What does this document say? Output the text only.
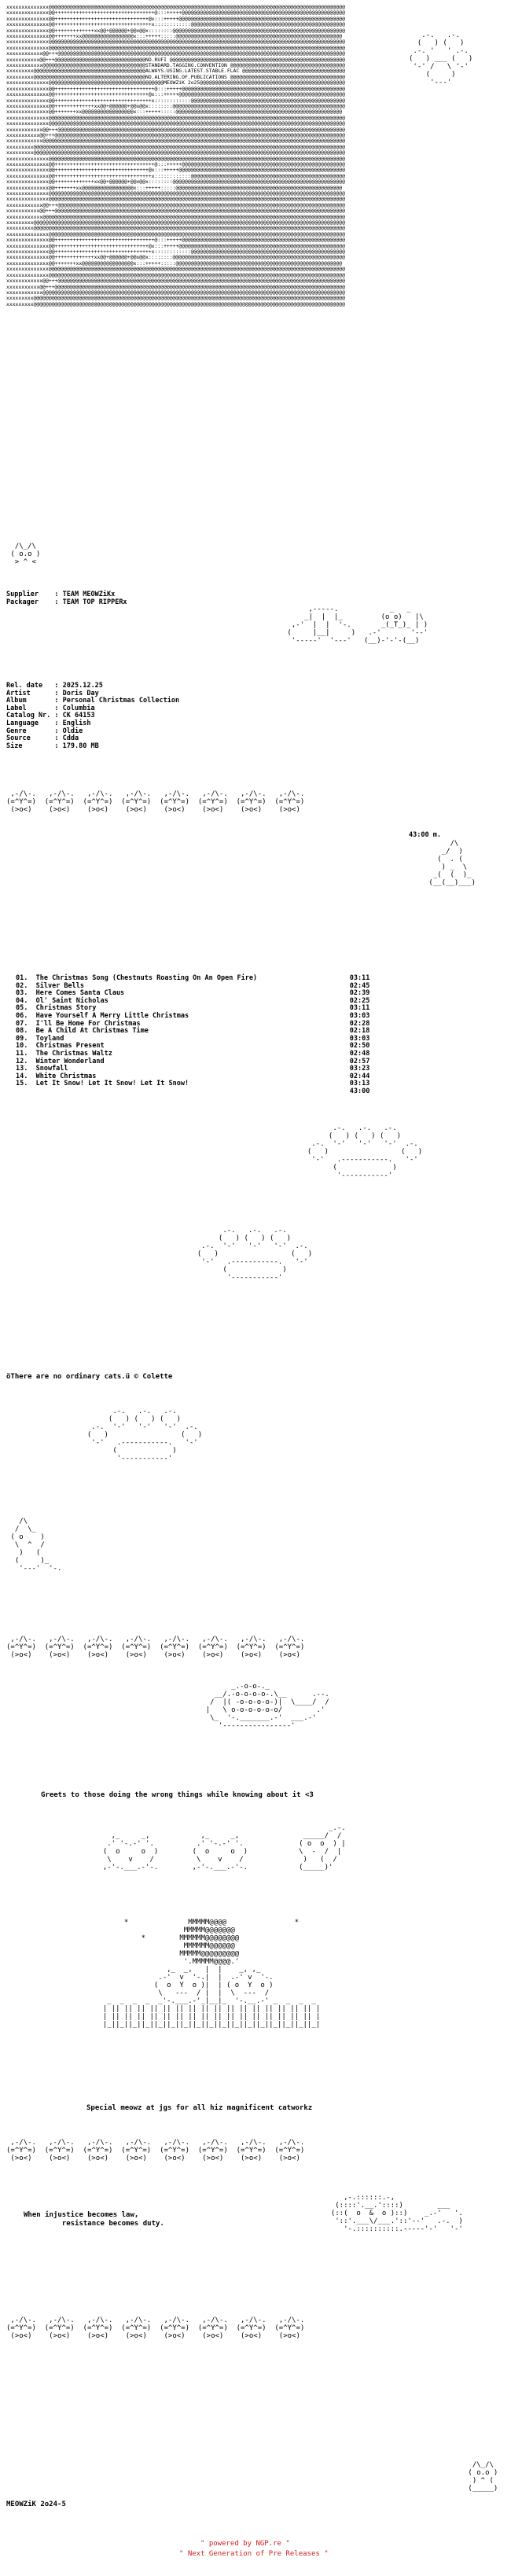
xxxxxxxxxxxxxx@@@@@@@@@@@@@@@@@@@@@@@@@@@@@@@@@@@@@@@@@@@@@@@@@@@@@@@@@@@@@@@@@@@@@@@@@@@@@@@@@@@@@@@@@@@@@@@@@@
xxxxxxxxxxxxxx@@+++++++++++++++++++++++++++++++++@:::+++++@@@@@@@@@@@@@@@@@@@@@@@@@@@@@@@@@@@@@@@@@@@@@@@@@@@@@@
xxxxxxxxxxxxxx@@+++++++++++++++++++++++++++++++@x:::+++++@@@@@@@@@@@@@@@@@@@@@@@@@@@@@@@@@@@@@@@@@@@@@@@@@@@@@@@
xxxxxxxxxxxxxx@@++++++++++++++++++++++++++++++++x::::::::::::@@@@@@@@@@@@@@@@@@@@@@@@@@@@@@@@@@@@@@@@@@@@@@@@@@@
xxxxxxxxxxxxxx@@+++++++++++++xx@@+@@@@@@+@@x@@x::::::::@@@@@@@@@@@@@@@@@@@@@@@@@@@@@@@@@@@@@@@@@@@@@@@@@@@@@@@@@
xxxxxxxxxxxxxx@@+++++++xx@@@@@@@@@@@@@@@@@x:::+++++:::::@@@@@@@@@@@@@@@@@@@@@@@@@@@@@@@@@@@@@@@@@@@@@@@@@@@@@@@
xxxxxxxxxxxxxx@@@@@@@@@@@@@@@@@@@@@@@@@@@@@@@@@@@@@@@@@@@@@@@@@@@@@@@@@@@@@@@@@@@@@@@@@@@@@@@@@@@@@@@@@@@@@@@@@@
xxxxxxxxxxxxxx@@@@@@@@@@@@@@@@@@@@@@@@@@@@@@@@@@@@@@@@@@@@@@@@@@@@@@@@@@@@@@@@@@@@@@@@@@@@@@@@@@@@@@@@@@@@@@@@@@
xxxxxxxxxxxx@@+++@@@@@@@@@@@@@@@@@@@@@@@@@@@@@@@@@@@@@@@@@@@@@@@@@@@@@@@@@@@@@@@@@@@@@@@@@@@@@@@@@@@@@@@@@@@@@@@
xxxxxxxxxxx@@+++@@@@@@@@@@@@@@@@@@@@@@@@@@@@@@NO.RUFI @@@@@@@@@@@@@@@@@@@@@@@@@@@@@@@@@@@@@@@@@@@@@@@@@@@@@@@@@@
xxxxxxxxxxxx@@@@@@@@@@@@@@@@@@@@@@@@@@@@@@@@@@STANDARD.TAGGING.CONVENTION @@@@@@@@@@@@@@@@@@@@@@@@@@@@@@@@@@@@@@
xxxxxxxxx@@@@@@@@@@@@@@@@@@@@@@@@@@@@@@@@@@@@@ALWAYS.USING.LATEST.STABLE.FLAC @@@@@@@@@@@@@@@@@@@@@@@@@@@@@@@@@@
xxxxxxxxx@@@@@@@@@@@@@@@@@@@@@@@@@@@@@@@@@@@@@NO.ALTERING.OF.PUBLICATIONS @@@@@@@@@@@@@@@@@@@@@@@@@@@@@@@@@@@@@@
xxxxxxxxxxxxxx@@@@@@@@@@@@@@@@@@@@@@@@@@@@@@@@@@@@@@MEOWZiK 2o25@@@@@@@@@@@@@@@@@@@@@@@@@@@@@@@@@@@@@@@@@@@@@@@@
xxxxxxxxxxxxxx@@+++++++++++++++++++++++++++++++++@:::+++++@@@@@@@@@@@@@@@@@@@@@@@@@@@@@@@@@@@@@@@@@@@@@@@@@@@@@@
xxxxxxxxxxxxxx@@+++++++++++++++++++++++++++++++@x:::+++++@@@@@@@@@@@@@@@@@@@@@@@@@@@@@@@@@@@@@@@@@@@@@@@@@@@@@@@
xxxxxxxxxxxxxx@@++++++++++++++++++++++++++++++++x::::::::::::@@@@@@@@@@@@@@@@@@@@@@@@@@@@@@@@@@@@@@@@@@@@@@@@@@@
xxxxxxxxxxxxxx@@+++++++++++++xx@@+@@@@@@+@@x@@x::::::::@@@@@@@@@@@@@@@@@@@@@@@@@@@@@@@@@@@@@@@@@@@@@@@@@@@@@@@@@
xxxxxxxxxxxxxx@@+++++++xx@@@@@@@@@@@@@@@@@x:::+++++:::::@@@@@@@@@@@@@@@@@@@@@@@@@@@@@@@@@@@@@@@@@@@@@@@@@@@@@@@
xxxxxxxxxxxxxx@@@@@@@@@@@@@@@@@@@@@@@@@@@@@@@@@@@@@@@@@@@@@@@@@@@@@@@@@@@@@@@@@@@@@@@@@@@@@@@@@@@@@@@@@@@@@@@@@@
xxxxxxxxxxxxxx@@@@@@@@@@@@@@@@@@@@@@@@@@@@@@@@@@@@@@@@@@@@@@@@@@@@@@@@@@@@@@@@@@@@@@@@@@@@@@@@@@@@@@@@@@@@@@@@@@
xxxxxxxxxxxx@@+++@@@@@@@@@@@@@@@@@@@@@@@@@@@@@@@@@@@@@@@@@@@@@@@@@@@@@@@@@@@@@@@@@@@@@@@@@@@@@@@@@@@@@@@@@@@@@@@
xxxxxxxxxxx@@+++@@@@@@@@@@@@@@@@@@@@@@@@@@@@@@@@@@@@@@@@@@@@@@@@@@@@@@@@@@@@@@@@@@@@@@@@@@@@@@@@@@@@@@@@@@@@@@@@
xxxxxxxxxxxx@@@@@@@@@@@@@@@@@@@@@@@@@@@@@@@@@@@@@@@@@@@@@@@@@@@@@@@@@@@@@@@@@@@@@@@@@@@@@@@@@@@@@@@@@@@@@@@@@@@@
xxxxxxxxx@@@@@@@@@@@@@@@@@@@@@@@@@@@@@@@@@@@@@@@@@@@@@@@@@@@@@@@@@@@@@@@@@@@@@@@@@@@@@@@@@@@@@@@@@@@@@@@@@@@@@@@
xxxxxxxxx@@@@@@@@@@@@@@@@@@@@@@@@@@@@@@@@@@@@@@@@@@@@@@@@@@@@@@@@@@@@@@@@@@@@@@@@@@@@@@@@@@@@@@@@@@@@@@@@@@@@@@@
xxxxxxxxxxxxxx@@@@@@@@@@@@@@@@@@@@@@@@@@@@@@@@@@@@@@@@@@@@@@@@@@@@@@@@@@@@@@@@@@@@@@@@@@@@@@@@@@@@@@@@@@@@@@@@@@
xxxxxxxxxxxxxx@@+++++++++++++++++++++++++++++++++@:::+++++@@@@@@@@@@@@@@@@@@@@@@@@@@@@@@@@@@@@@@@@@@@@@@@@@@@@@@
xxxxxxxxxxxxxx@@+++++++++++++++++++++++++++++++@x:::+++++@@@@@@@@@@@@@@@@@@@@@@@@@@@@@@@@@@@@@@@@@@@@@@@@@@@@@@@
xxxxxxxxxxxxxx@@++++++++++++++++++++++++++++++++x::::::::::::@@@@@@@@@@@@@@@@@@@@@@@@@@@@@@@@@@@@@@@@@@@@@@@@@@@
xxxxxxxxxxxxxx@@+++++++++++++xx@@+@@@@@@+@@x@@x::::::::@@@@@@@@@@@@@@@@@@@@@@@@@@@@@@@@@@@@@@@@@@@@@@@@@@@@@@@@@
xxxxxxxxxxxxxx@@+++++++xx@@@@@@@@@@@@@@@@@x:::+++++:::::@@@@@@@@@@@@@@@@@@@@@@@@@@@@@@@@@@@@@@@@@@@@@@@@@@@@@@@
xxxxxxxxxxxxxx@@@@@@@@@@@@@@@@@@@@@@@@@@@@@@@@@@@@@@@@@@@@@@@@@@@@@@@@@@@@@@@@@@@@@@@@@@@@@@@@@@@@@@@@@@@@@@@@@@
xxxxxxxxxxxxxx@@@@@@@@@@@@@@@@@@@@@@@@@@@@@@@@@@@@@@@@@@@@@@@@@@@@@@@@@@@@@@@@@@@@@@@@@@@@@@@@@@@@@@@@@@@@@@@@@@
xxxxxxxxxxxx@@+++@@@@@@@@@@@@@@@@@@@@@@@@@@@@@@@@@@@@@@@@@@@@@@@@@@@@@@@@@@@@@@@@@@@@@@@@@@@@@@@@@@@@@@@@@@@@@@@
xxxxxxxxxxx@@+++@@@@@@@@@@@@@@@@@@@@@@@@@@@@@@@@@@@@@@@@@@@@@@@@@@@@@@@@@@@@@@@@@@@@@@@@@@@@@@@@@@@@@@@@@@@@@@@@
xxxxxxxxxxxx@@@@@@@@@@@@@@@@@@@@@@@@@@@@@@@@@@@@@@@@@@@@@@@@@@@@@@@@@@@@@@@@@@@@@@@@@@@@@@@@@@@@@@@@@@@@@@@@@@@@
xxxxxxxxx@@@@@@@@@@@@@@@@@@@@@@@@@@@@@@@@@@@@@@@@@@@@@@@@@@@@@@@@@@@@@@@@@@@@@@@@@@@@@@@@@@@@@@@@@@@@@@@@@@@@@@@
xxxxxxxxx@@@@@@@@@@@@@@@@@@@@@@@@@@@@@@@@@@@@@@@@@@@@@@@@@@@@@@@@@@@@@@@@@@@@@@@@@@@@@@@@@@@@@@@@@@@@@@@@@@@@@@@
xxxxxxxxxxxxxx@@@@@@@@@@@@@@@@@@@@@@@@@@@@@@@@@@@@@@@@@@@@@@@@@@@@@@@@@@@@@@@@@@@@@@@@@@@@@@@@@@@@@@@@@@@@@@@@@@
xxxxxxxxxxxxxx@@+++++++++++++++++++++++++++++++++@:::+++++@@@@@@@@@@@@@@@@@@@@@@@@@@@@@@@@@@@@@@@@@@@@@@@@@@@@@@
xxxxxxxxxxxxxx@@+++++++++++++++++++++++++++++++@x:::+++++@@@@@@@@@@@@@@@@@@@@@@@@@@@@@@@@@@@@@@@@@@@@@@@@@@@@@@@
xxxxxxxxxxxxxx@@++++++++++++++++++++++++++++++++x::::::::::::@@@@@@@@@@@@@@@@@@@@@@@@@@@@@@@@@@@@@@@@@@@@@@@@@@@
xxxxxxxxxxxxxx@@+++++++++++++xx@@+@@@@@@+@@x@@x::::::::@@@@@@@@@@@@@@@@@@@@@@@@@@@@@@@@@@@@@@@@@@@@@@@@@@@@@@@@@
xxxxxxxxxxxxxx@@+++++++xx@@@@@@@@@@@@@@@@@x:::+++++:::::@@@@@@@@@@@@@@@@@@@@@@@@@@@@@@@@@@@@@@@@@@@@@@@@@@@@@@@
xxxxxxxxxxxxxx@@@@@@@@@@@@@@@@@@@@@@@@@@@@@@@@@@@@@@@@@@@@@@@@@@@@@@@@@@@@@@@@@@@@@@@@@@@@@@@@@@@@@@@@@@@@@@@@@@
xxxxxxxxxxxxxx@@@@@@@@@@@@@@@@@@@@@@@@@@@@@@@@@@@@@@@@@@@@@@@@@@@@@@@@@@@@@@@@@@@@@@@@@@@@@@@@@@@@@@@@@@@@@@@@@@
xxxxxxxxxxxx@@+++@@@@@@@@@@@@@@@@@@@@@@@@@@@@@@@@@@@@@@@@@@@@@@@@@@@@@@@@@@@@@@@@@@@@@@@@@@@@@@@@@@@@@@@@@@@@@@@
xxxxxxxxxxx@@+++@@@@@@@@@@@@@@@@@@@@@@@@@@@@@@@@@@@@@@@@@@@@@@@@@@@@@@@@@@@@@@@@@@@@@@@@@@@@@@@@@@@@@@@@@@@@@@@@
xxxxxxxxxxxx@@@@@@@@@@@@@@@@@@@@@@@@@@@@@@@@@@@@@@@@@@@@@@@@@@@@@@@@@@@@@@@@@@@@@@@@@@@@@@@@@@@@@@@@@@@@@@@@@@@@
xxxxxxxxx@@@@@@@@@@@@@@@@@@@@@@@@@@@@@@@@@@@@@@@@@@@@@@@@@@@@@@@@@@@@@@@@@@@@@@@@@@@@@@@@@@@@@@@@@@@@@@@@@@@@@@@
xxxxxxxxx@@@@@@@@@@@@@@@@@@@@@@@@@@@@@@@@@@@@@@@@@@@@@@@@@@@@@@@@@@@@@@@@@@@@@@@@@@@@@@@@@@@@@@@@@@@@@@@@@@@@@@@

.-.   .-.
(   ) (   )
.-. '   ' .-.
(   ) ___ (   )
'-' /   \ '-'
(     )
'---'

/\_/\
( o.o )
> ^ <

Supplier    : TEAM MEOWZiKx
Packager    : TEAM TOP RIPPERx
,-----.            _   _
_|  |  |_         (o o)   |\
,-'  |  |  '-.       _(_T_)_ | )
(     |__|     )   .-'       '--'
'-----'  '---'   (__)-'-'-(__)

Rel. date   : 2025.12.25
Artist      : Doris Day
Album       : Personal Christmas Collection
Label       : Columbia
Catalog Nr. : CK 64153
Language    : English
Genre       : Oldie
Source      : Cdda
Size        : 179.80 MB

,-/\-.   ,-/\-.   ,-/\-.   ,-/\-.   ,-/\-.   ,-/\-.   ,-/\-.   ,-/\-.
(=^Y^=)  (=^Y^=)  (=^Y^=)  (=^Y^=)  (=^Y^=)  (=^Y^=)  (=^Y^=)  (=^Y^=)
(>o<)    (>o<)    (>o<)    (>o<)    (>o<)    (>o<)    (>o<)    (>o<)

43:00 m.
/\
_/  )
(  . (
) _  \
_(  (  )_
(__(__)___)

01.  The Christmas Song (Chestnuts Roasting On An Open Fire)                       03:11
02.  Silver Bells                                                                  02:45
03.  Here Comes Santa Claus                                                        02:39
04.  Ol' Saint Nicholas                                                            02:25
05.  Christmas Story                                                               03:11
06.  Have Yourself A Merry Little Christmas                                        03:03
07.  I'll Be Home For Christmas                                                    02:28
08.  Be A Child At Christmas Time                                                  02:18
09.  Toyland                                                                       03:03
10.  Christmas Present                                                             02:50
11.  The Christmas Waltz                                                           02:48
12.  Winter Wonderland                                                             02:57
13.  Snowfall                                                                      03:23
14.  White Christmas                                                               02:44
15.  Let It Snow! Let It Snow! Let It Snow!                                        03:13
43:00
.-.   .-.   .-.
(   ) (   ) (   )
.-.  '-'   '-'   '-'  .-.
(   )                 (   )
'-'   .-----------.   '-'
(             )
'-----------'

.-.   .-.   .-.
(   ) (   ) (   )
.-.  '-'   '-'   '-'  .-.
(   )                 (   )
'-'   .-----------.   '-'
(             )
'-----------'

öThere are no ordinary cats.ü © Colette
.-.   .-.   .-.
(   ) (   ) (   )
.-.  '-'   '-'   '-'  .-.
(   )                 (   )
'-'   .-----------.   '-'
(             )
'-----------'

/\
/  \_
( o    )
\  ^  /
)   (
(     )_
'---'  '-.

,-/\-.   ,-/\-.   ,-/\-.   ,-/\-.   ,-/\-.   ,-/\-.   ,-/\-.   ,-/\-.
(=^Y^=)  (=^Y^=)  (=^Y^=)  (=^Y^=)  (=^Y^=)  (=^Y^=)  (=^Y^=)  (=^Y^=)
(>o<)    (>o<)    (>o<)    (>o<)    (>o<)    (>o<)    (>o<)    (>o<)

_.-o-o-._
__/.-o-o-o-o-.\__      .--.
/  |( -o-o-o-o-)|  \____/  /
|   \ o-o-o-o-o-o/        .'
\_  '-._______.-'  ___.-'
'----------------'

Greets to those doing the wrong things while knowing about it <3
_.-.
,_     _,            ,_     _,               _____/  /
.' '-.-' '.          .' '-.-' '.             ( o  o  ) |
(  o     o  )        (  o     o  )            \  -  /  |
\    v    /          \    v    /              )   (  /
,-'-.___.-'-.        ,-'-.___.-'-.            (_____)'

*              MMMMM@@@@                *
MMMMM@@@@@@@
*        MMMMMM@@@@@@@@
MMMMMM@@@@@@
MMMMM@@@@@@@@@
'.MMMMM@@@@.'
,_  _,   |  |    _, ,_
.-'  v  '-.|  |  .-' v  '-.
(  o  Y  o )|  | ( o  Y  o )
\   ---  / |  |  \  ---  /
_  _  _  _  _'-.___.-'_|__|_  '-.__.-' _  _  _  _
| || || || || || || || || || || || || || || || || |
| || || || || || || || || || || || || || || || || |
|_||_||_||_||_||_||_||_||_||_||_||_||_||_||_||_||_|

Special meowz at jgs for all hiz magnificent catworkz
,-/\-.   ,-/\-.   ,-/\-.   ,-/\-.   ,-/\-.   ,-/\-.   ,-/\-.   ,-/\-.
(=^Y^=)  (=^Y^=)  (=^Y^=)  (=^Y^=)  (=^Y^=)  (=^Y^=)  (=^Y^=)  (=^Y^=)
(>o<)    (>o<)    (>o<)    (>o<)    (>o<)    (>o<)    (>o<)    (>o<)

When injustice becomes law,
resistance becomes duty.
,-.::::::.-,
(::::'.__.'::::)        ___
(::(  o  &  o )::)    _.-'   '.
'::'.___\/___.'::'--'   .-.  )
'-.::::::::::.-----'-'   '-'

,-/\-.   ,-/\-.   ,-/\-.   ,-/\-.   ,-/\-.   ,-/\-.   ,-/\-.   ,-/\-.
(=^Y^=)  (=^Y^=)  (=^Y^=)  (=^Y^=)  (=^Y^=)  (=^Y^=)  (=^Y^=)  (=^Y^=)
(>o<)    (>o<)    (>o<)    (>o<)    (>o<)    (>o<)    (>o<)    (>o<)

/\_/\
( o.o )
) ^ (
(_____)

MEOWZiK 2o24-5
" powered by NGP.re "
" Next Generation of Pre Releases "
